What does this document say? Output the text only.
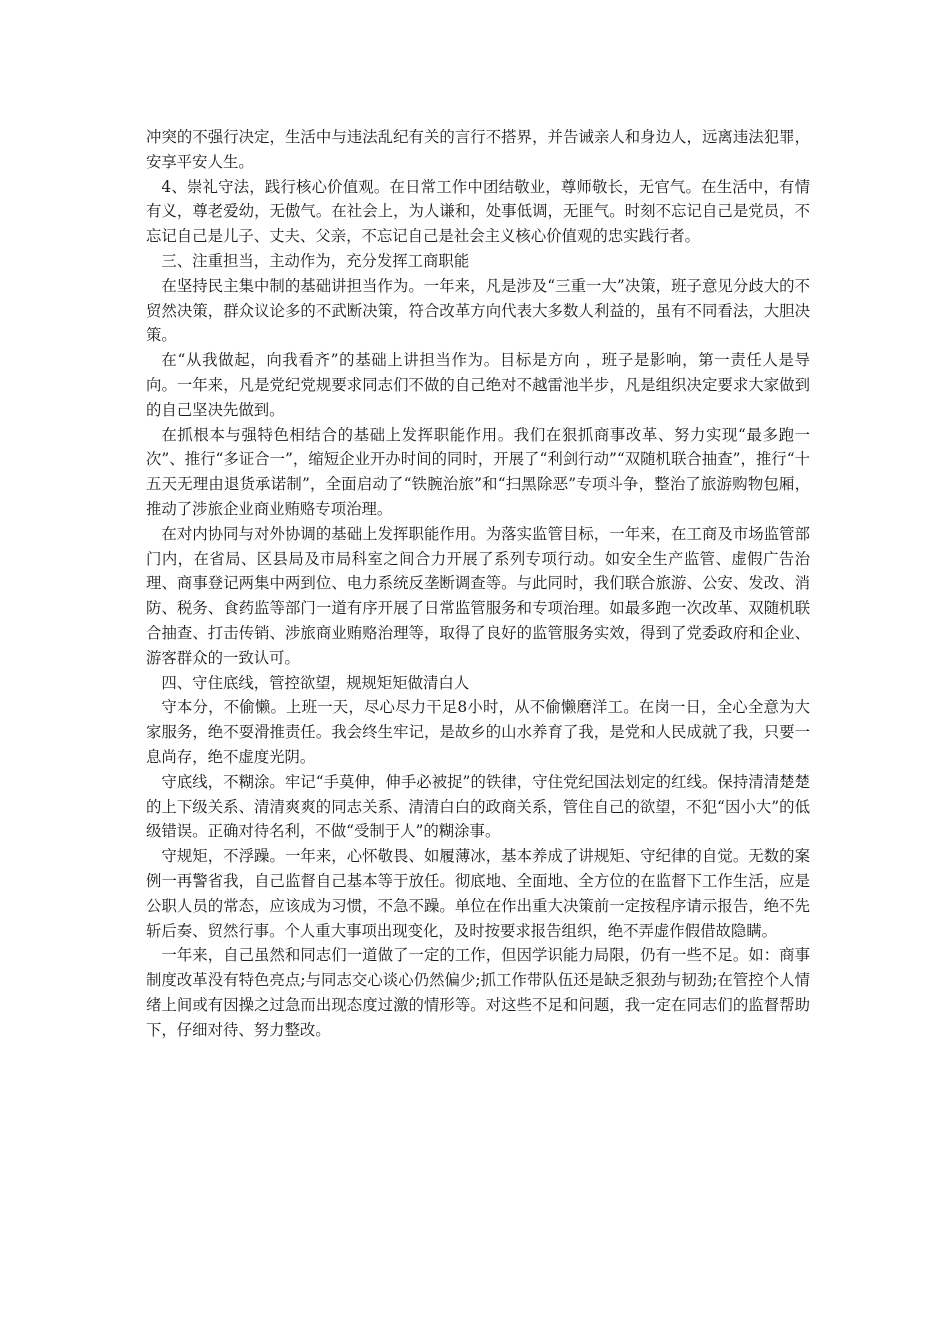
冲突的不强行决定，生活中与违法乱纪有关的言行不搭界，并告诫亲人和身边人，远离违法犯罪，安享平安人生。

4、崇礼守法，践行核心价值观。在日常工作中团结敬业，尊师敬长，无官气。在生活中，有情有义，尊老爱幼，无傲气。在社会上，为人谦和，处事低调，无匪气。时刻不忘记自己是党员，不忘记自己是儿子、丈夫、父亲，不忘记自己是社会主义核心价值观的忠实践行者。

三、注重担当，主动作为，充分发挥工商职能

在坚持民主集中制的基础讲担当作为。一年来，凡是涉及“三重一大”决策，班子意见分歧大的不贸然决策，群众议论多的不武断决策，符合改革方向代表大多数人利益的，虽有不同看法，大胆决策。

在“从我做起，向我看齐”的基础上讲担当作为。目标是方向 ，班子是影响，第一责任人是导向。一年来，凡是党纪党规要求同志们不做的自己绝对不越雷池半步，凡是组织决定要求大家做到的自己坚决先做到。

在抓根本与强特色相结合的基础上发挥职能作用。我们在狠抓商事改革、努力实现“最多跑一次”、推行“多证合一”，缩短企业开办时间的同时，开展了“利剑行动”“双随机联合抽查”，推行“十五天无理由退货承诺制”，全面启动了“铁腕治旅”和“扫黑除恶”专项斗争，整治了旅游购物包厢，推动了涉旅企业商业贿赂专项治理。

在对内协同与对外协调的基础上发挥职能作用。为落实监管目标，一年来，在工商及市场监管部门内，在省局、区县局及市局科室之间合力开展了系列专项行动。如安全生产监管、虚假广告治理、商事登记两集中两到位、电力系统反垄断调查等。与此同时，我们联合旅游、公安、发改、消防、税务、食药监等部门一道有序开展了日常监管服务和专项治理。如最多跑一次改革、双随机联合抽查、打击传销、涉旅商业贿赂治理等，取得了良好的监管服务实效，得到了党委政府和企业、游客群众的一致认可。

四、守住底线，管控欲望，规规矩矩做清白人

守本分，不偷懒。上班一天，尽心尽力干足8小时，从不偷懒磨洋工。在岗一日，全心全意为大家服务，绝不耍滑推责任。我会终生牢记，是故乡的山水养育了我，是党和人民成就了我，只要一息尚存，绝不虚度光阴。

守底线，不糊涂。牢记“手莫伸，伸手必被捉”的铁律，守住党纪国法划定的红线。保持清清楚楚的上下级关系、清清爽爽的同志关系、清清白白的政商关系，管住自己的欲望，不犯“因小大”的低级错误。正确对待名利，不做“受制于人”的糊涂事。

守规矩，不浮躁。一年来，心怀敬畏、如履薄冰，基本养成了讲规矩、守纪律的自觉。无数的案例一再警省我，自己监督自己基本等于放任。彻底地、全面地、全方位的在监督下工作生活，应是公职人员的常态，应该成为习惯，不急不躁。单位在作出重大决策前一定按程序请示报告，绝不先斩后奏、贸然行事。个人重大事项出现变化，及时按要求报告组织，绝不弄虚作假借故隐瞒。

一年来，自己虽然和同志们一道做了一定的工作，但因学识能力局限，仍有一些不足。如：商事制度改革没有特色亮点;与同志交心谈心仍然偏少;抓工作带队伍还是缺乏狠劲与韧劲;在管控个人情绪上间或有因操之过急而出现态度过激的情形等。对这些不足和问题，我一定在同志们的监督帮助下，仔细对待、努力整改。
